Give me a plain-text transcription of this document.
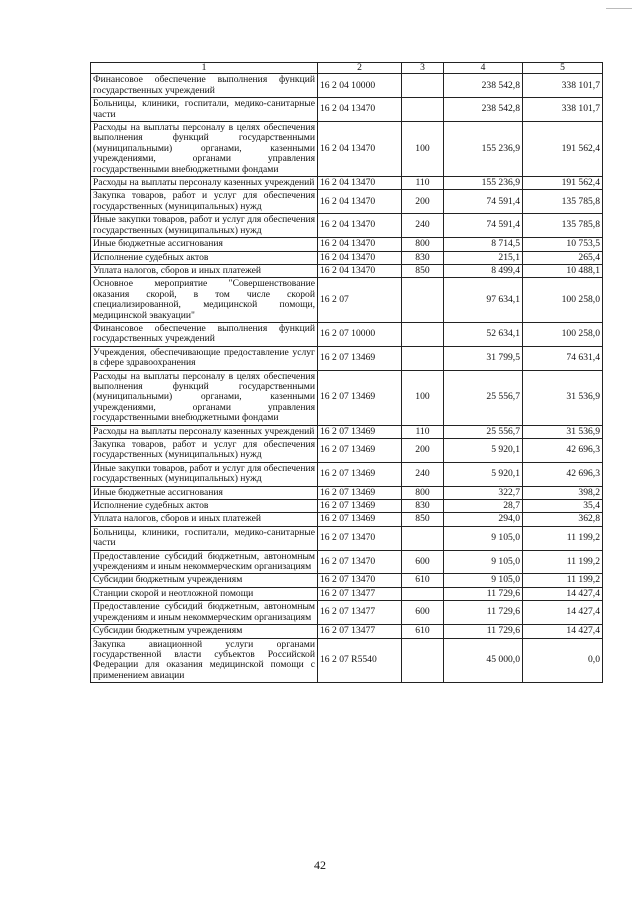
1	2	3	4	5
Финансовое обеспечение выполнения функций государственных учреждений	16 2 04 10000		238 542,8	338 101,7
Больницы, клиники, госпитали, медико-санитарные части	16 2 04 13470		238 542,8	338 101,7
Расходы на выплаты персоналу в целях обеспечения выполнения функций государственными (муниципальными) органами, казенными учреждениями, органами управления государственными внебюджетными фондами	16 2 04 13470	100	155 236,9	191 562,4
Расходы на выплаты персоналу казенных учреждений	16 2 04 13470	110	155 236,9	191 562,4
Закупка товаров, работ и услуг для обеспечения государственных (муниципальных) нужд	16 2 04 13470	200	74 591,4	135 785,8
Иные закупки товаров, работ и услуг для обеспечения государственных (муниципальных) нужд	16 2 04 13470	240	74 591,4	135 785,8
Иные бюджетные ассигнования	16 2 04 13470	800	8 714,5	10 753,5
Исполнение судебных актов	16 2 04 13470	830	215,1	265,4
Уплата налогов, сборов и иных платежей	16 2 04 13470	850	8 499,4	10 488,1
Основное мероприятие "Совершенствование оказания скорой, в том числе скорой специализированной, медицинской помощи, медицинской эвакуации"	16 2 07		97 634,1	100 258,0
Финансовое обеспечение выполнения функций государственных учреждений	16 2 07 10000		52 634,1	100 258,0
Учреждения, обеспечивающие предоставление услуг в сфере здравоохранения	16 2 07 13469		31 799,5	74 631,4
Расходы на выплаты персоналу в целях обеспечения выполнения функций государственными (муниципальными) органами, казенными учреждениями, органами управления государственными внебюджетными фондами	16 2 07 13469	100	25 556,7	31 536,9
Расходы на выплаты персоналу казенных учреждений	16 2 07 13469	110	25 556,7	31 536,9
Закупка товаров, работ и услуг для обеспечения государственных (муниципальных) нужд	16 2 07 13469	200	5 920,1	42 696,3
Иные закупки товаров, работ и услуг для обеспечения государственных (муниципальных) нужд	16 2 07 13469	240	5 920,1	42 696,3
Иные бюджетные ассигнования	16 2 07 13469	800	322,7	398,2
Исполнение судебных актов	16 2 07 13469	830	28,7	35,4
Уплата налогов, сборов и иных платежей	16 2 07 13469	850	294,0	362,8
Больницы, клиники, госпитали, медико-санитарные части	16 2 07 13470		9 105,0	11 199,2
Предоставление субсидий бюджетным, автономным учреждениям и иным некоммерческим организациям	16 2 07 13470	600	9 105,0	11 199,2
Субсидии бюджетным учреждениям	16 2 07 13470	610	9 105,0	11 199,2
Станции скорой и неотложной помощи	16 2 07 13477		11 729,6	14 427,4
Предоставление субсидий бюджетным, автономным учреждениям и иным некоммерческим организациям	16 2 07 13477	600	11 729,6	14 427,4
Субсидии бюджетным учреждениям	16 2 07 13477	610	11 729,6	14 427,4
Закупка авиационной услуги органами государственной власти субъектов Российской Федерации для оказания медицинской помощи с применением авиации	16 2 07 R5540		45 000,0	0,0
42
